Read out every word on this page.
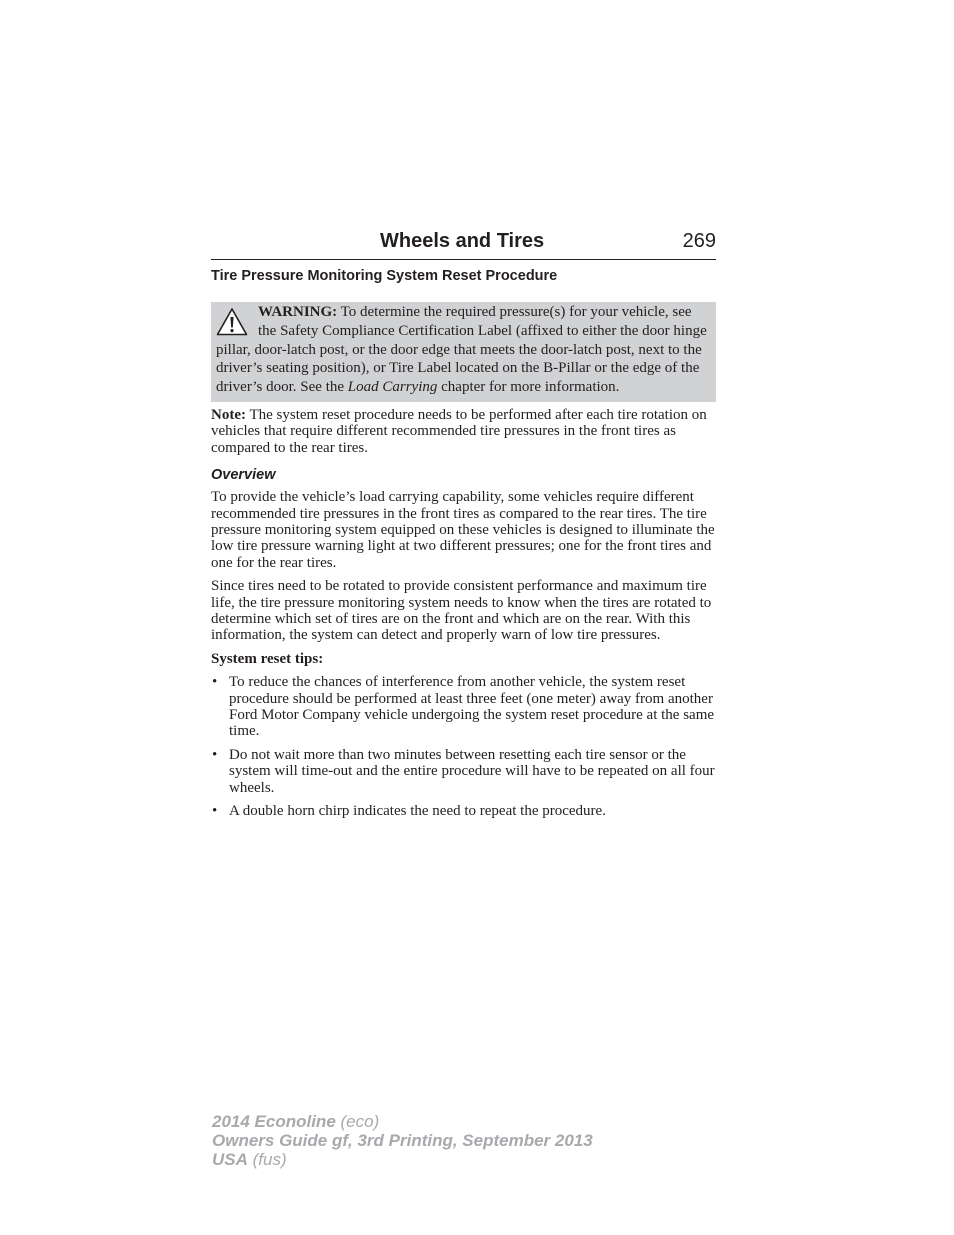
Wheels and Tires	269
Tire Pressure Monitoring System Reset Procedure
WARNING: To determine the required pressure(s) for your vehicle, see the Safety Compliance Certification Label (affixed to either the door hinge pillar, door-latch post, or the door edge that meets the door-latch post, next to the driver’s seating position), or Tire Label located on the B-Pillar or the edge of the driver’s door. See the Load Carrying chapter for more information.

Note: The system reset procedure needs to be performed after each tire rotation on vehicles that require different recommended tire pressures in the front tires as compared to the rear tires.

Overview

To provide the vehicle’s load carrying capability, some vehicles require different recommended tire pressures in the front tires as compared to the rear tires. The tire pressure monitoring system equipped on these vehicles is designed to illuminate the low tire pressure warning light at two different pressures; one for the front tires and one for the rear tires.

Since tires need to be rotated to provide consistent performance and maximum tire life, the tire pressure monitoring system needs to know when the tires are rotated to determine which set of tires are on the front and which are on the rear. With this information, the system can detect and properly warn of low tire pressures.

System reset tips:

• To reduce the chances of interference from another vehicle, the system reset procedure should be performed at least three feet (one meter) away from another Ford Motor Company vehicle undergoing the system reset procedure at the same time.
• Do not wait more than two minutes between resetting each tire sensor or the system will time-out and the entire procedure will have to be repeated on all four wheels.
• A double horn chirp indicates the need to repeat the procedure.
2014 Econoline (eco)
Owners Guide gf, 3rd Printing, September 2013
USA (fus)
